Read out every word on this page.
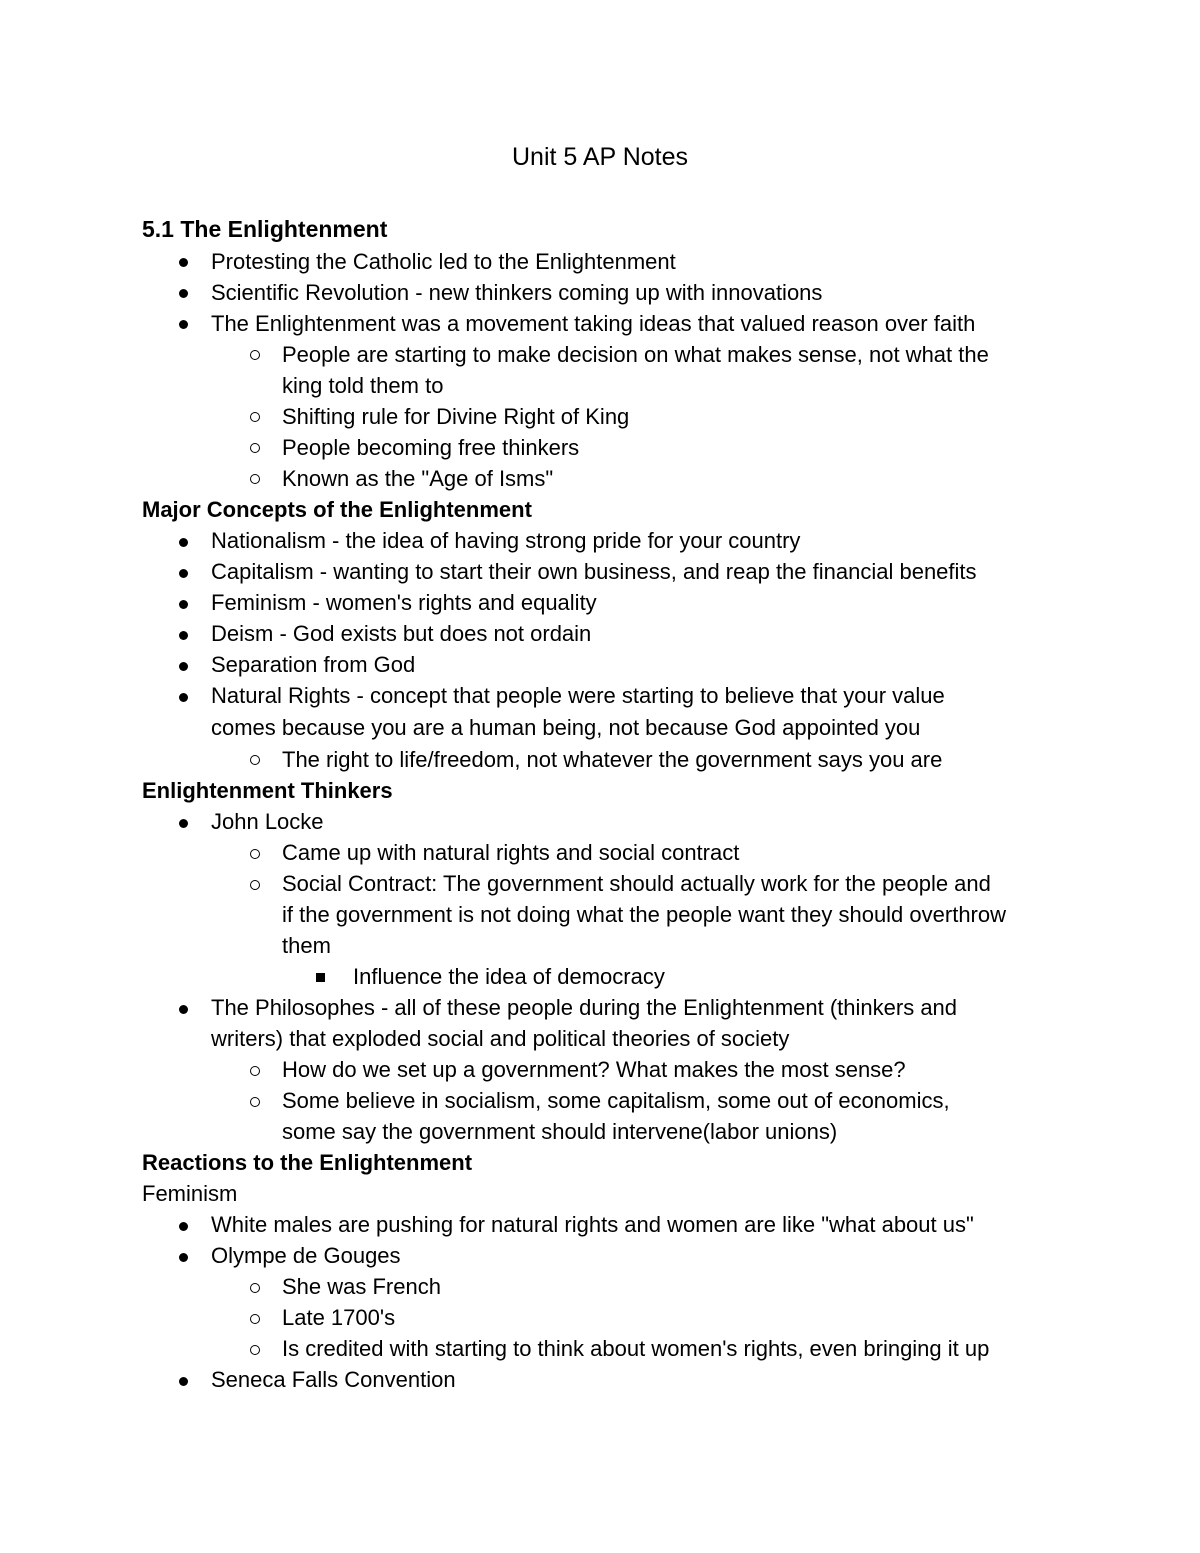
Unit 5 AP Notes
5.1 The Enlightenment
Protesting the Catholic led to the Enlightenment
Scientific Revolution - new thinkers coming up with innovations
The Enlightenment was a movement taking ideas that valued reason over faith
People are starting to make decision on what makes sense, not what the
king told them to
Shifting rule for Divine Right of King
People becoming free thinkers
Known as the "Age of Isms"
Major Concepts of the Enlightenment
Nationalism - the idea of having strong pride for your country
Capitalism - wanting to start their own business, and reap the financial benefits
Feminism - women's rights and equality
Deism - God exists but does not ordain
Separation from God
Natural Rights - concept that people were starting to believe that your value
comes because you are a human being, not because God appointed you
The right to life/freedom, not whatever the government says you are
Enlightenment Thinkers
John Locke
Came up with natural rights and social contract
Social Contract: The government should actually work for the people and
if the government is not doing what the people want they should overthrow
them
Influence the idea of democracy
The Philosophes - all of these people during the Enlightenment (thinkers and
writers) that exploded social and political theories of society
How do we set up a government? What makes the most sense?
Some believe in socialism, some capitalism, some out of economics,
some say the government should intervene(labor unions)
Reactions to the Enlightenment
Feminism
White males are pushing for natural rights and women are like "what about us"
Olympe de Gouges
She was French
Late 1700's
Is credited with starting to think about women's rights, even bringing it up
Seneca Falls Convention
